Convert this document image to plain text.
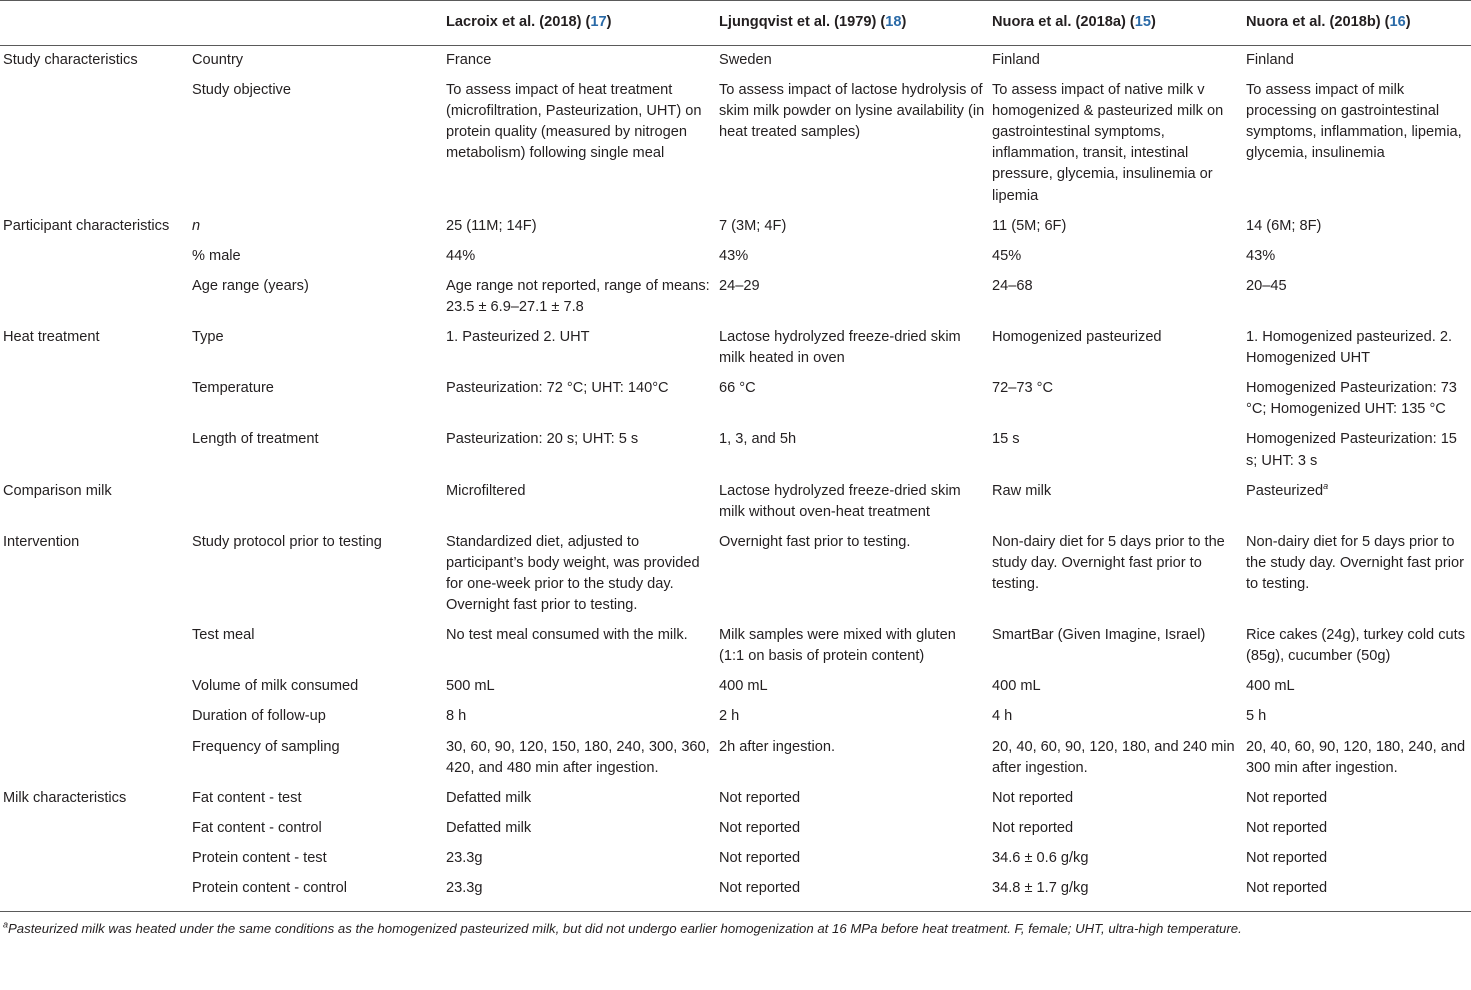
		Lacroix et al. (2018) (17)	Ljungqvist et al. (1979) (18)	Nuora et al. (2018a) (15)	Nuora et al. (2018b) (16)
Study characteristics	Country	France	Sweden	Finland	Finland
	Study objective	To assess impact of heat treatment (microfiltration, Pasteurization, UHT) on protein quality (measured by nitrogen metabolism) following single meal	To assess impact of lactose hydrolysis of skim milk powder on lysine availability (in heat treated samples)	To assess impact of native milk v homogenized & pasteurized milk on gastrointestinal symptoms, inflammation, transit, intestinal pressure, glycemia, insulinemia or lipemia	To assess impact of milk processing on gastrointestinal symptoms, inflammation, lipemia, glycemia, insulinemia
Participant characteristics	n	25 (11M; 14F)	7 (3M; 4F)	11 (5M; 6F)	14 (6M; 8F)
	% male	44%	43%	45%	43%
	Age range (years)	Age range not reported, range of means: 23.5 ± 6.9–27.1 ± 7.8	24–29	24–68	20–45
Heat treatment	Type	1. Pasteurized 2. UHT	Lactose hydrolyzed freeze-dried skim milk heated in oven	Homogenized pasteurized	1. Homogenized pasteurized. 2. Homogenized UHT
	Temperature	Pasteurization: 72 °C; UHT: 140°C	66 °C	72–73 °C	Homogenized Pasteurization: 73 °C; Homogenized UHT: 135 °C
	Length of treatment	Pasteurization: 20 s; UHT: 5 s	1, 3, and 5h	15 s	Homogenized Pasteurization: 15 s; UHT: 3 s
Comparison milk		Microfiltered	Lactose hydrolyzed freeze-dried skim milk without oven-heat treatment	Raw milk	Pasteurized$^a$
Intervention	Study protocol prior to testing	Standardized diet, adjusted to participant’s body weight, was provided for one-week prior to the study day. Overnight fast prior to testing.	Overnight fast prior to testing.	Non-dairy diet for 5 days prior to the study day. Overnight fast prior to testing.	Non-dairy diet for 5 days prior to the study day. Overnight fast prior to testing.
	Test meal	No test meal consumed with the milk.	Milk samples were mixed with gluten (1:1 on basis of protein content)	SmartBar (Given Imagine, Israel)	Rice cakes (24g), turkey cold cuts (85g), cucumber (50g)
	Volume of milk consumed	500 mL	400 mL	400 mL	400 mL
	Duration of follow-up	8 h	2 h	4 h	5 h
	Frequency of sampling	30, 60, 90, 120, 150, 180, 240, 300, 360, 420, and 480 min after ingestion.	2h after ingestion.	20, 40, 60, 90, 120, 180, and 240 min after ingestion.	20, 40, 60, 90, 120, 180, 240, and 300 min after ingestion.
Milk characteristics	Fat content - test	Defatted milk	Not reported	Not reported	Not reported
	Fat content - control	Defatted milk	Not reported	Not reported	Not reported
	Protein content - test	23.3g	Not reported	34.6 ± 0.6 g/kg	Not reported
	Protein content - control	23.3g	Not reported	34.8 ± 1.7 g/kg	Not reported
$^a$Pasteurized milk was heated under the same conditions as the homogenized pasteurized milk, but did not undergo earlier homogenization at 16 MPa before heat treatment. F, female; UHT, ultra-high temperature.
